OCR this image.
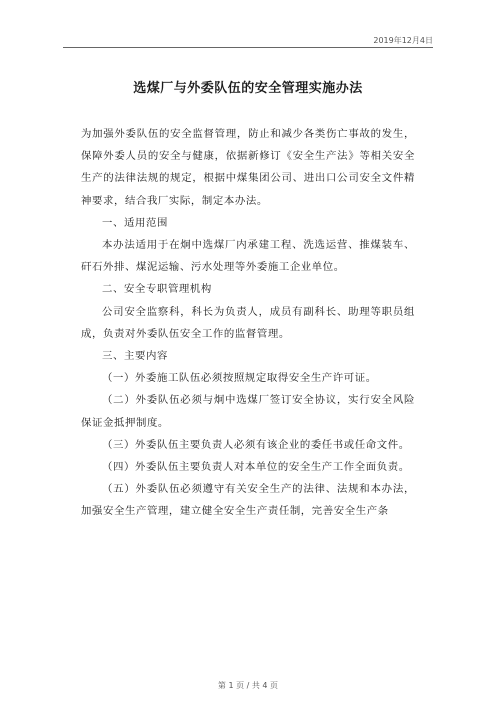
2019年12月4日
选煤厂与外委队伍的安全管理实施办法

为加强外委队伍的安全监督管理，防止和减少各类伤亡事故的发生，保障外委人员的安全与健康，依据新修订《安全生产法》等相关安全生产的法律法规的规定，根据中煤集团公司、进出口公司安全文件精神要求，结合我厂实际，制定本办法。

一、适用范围

本办法适用于在炯中选煤厂内承建工程、洗选运营、推煤装车、矸石外排、煤泥运输、污水处理等外委施工企业单位。

二、安全专职管理机构

公司安全监察科，科长为负责人，成员有副科长、助理等职员组成，负责对外委队伍安全工作的监督管理。

三、主要内容

（一）外委施工队伍必须按照规定取得安全生产许可证。

（二）外委队伍必须与炯中选煤厂签订安全协议，实行安全风险保证金抵押制度。

（三）外委队伍主要负责人必须有该企业的委任书或任命文件。

（四）外委队伍主要负责人对本单位的安全生产工作全面负责。

（五）外委队伍必须遵守有关安全生产的法律、法规和本办法，加强安全生产管理，建立健全安全生产责任制，完善安全生产条

第 1 页 / 共 4 页
